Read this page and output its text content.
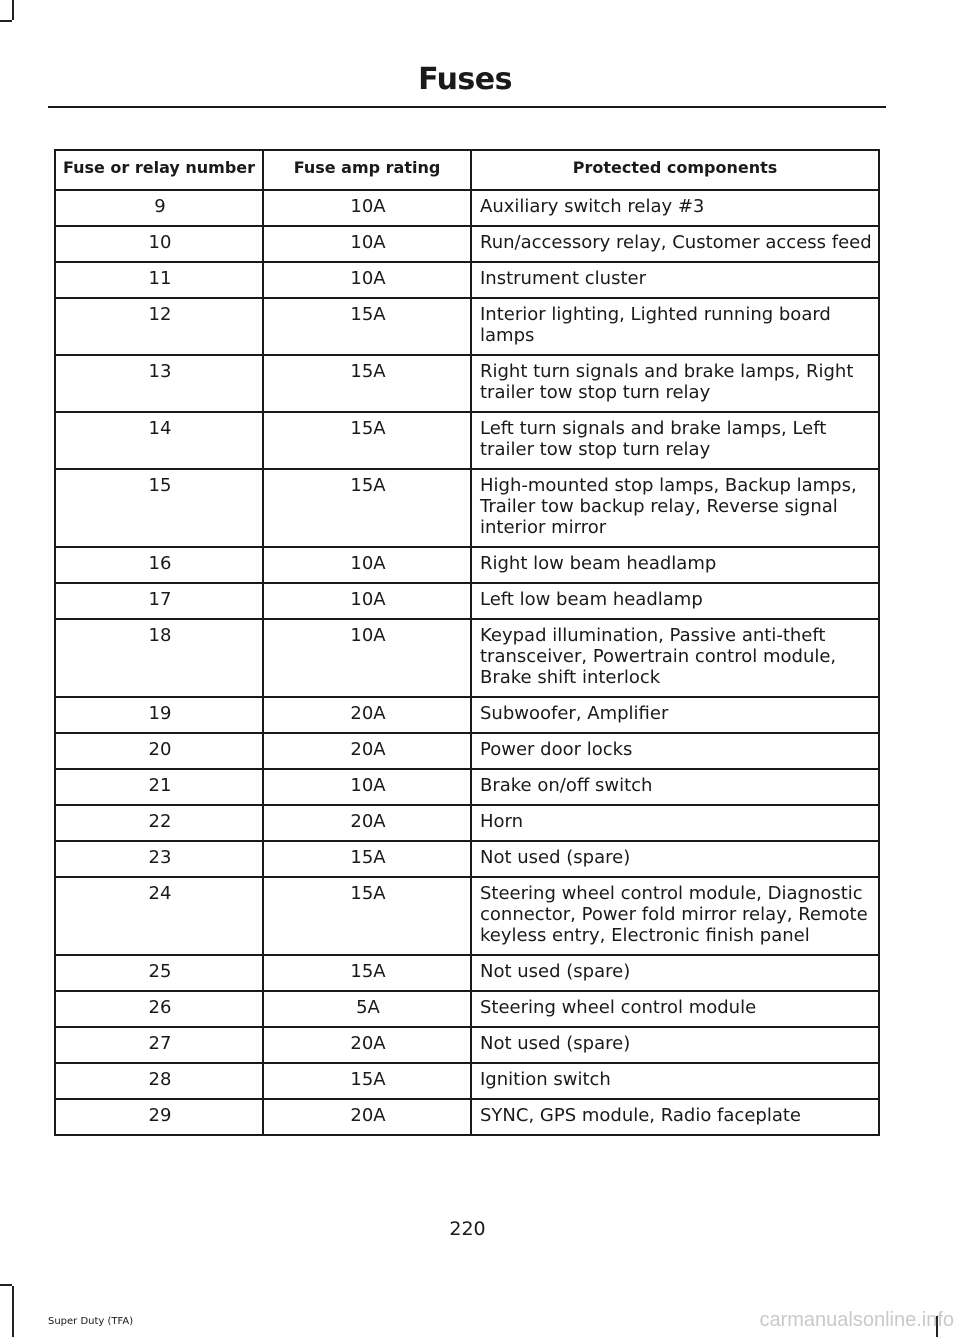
Fuses
Fuse or relay number	Fuse amp rating	Protected components
9	10A	Auxiliary switch relay #3
10	10A	Run/accessory relay, Customer access feed
11	10A	Instrument cluster
12	15A	Interior lighting, Lighted running board lamps
13	15A	Right turn signals and brake lamps, Right trailer tow stop turn relay
14	15A	Left turn signals and brake lamps, Left trailer tow stop turn relay
15	15A	High-mounted stop lamps, Backup lamps, Trailer tow backup relay, Reverse signal interior mirror
16	10A	Right low beam headlamp
17	10A	Left low beam headlamp
18	10A	Keypad illumination, Passive anti-theft transceiver, Powertrain control module, Brake shift interlock
19	20A	Subwoofer, Amplifier
20	20A	Power door locks
21	10A	Brake on/off switch
22	20A	Horn
23	15A	Not used (spare)
24	15A	Steering wheel control module, Diagnostic connector, Power fold mirror relay, Remote keyless entry, Electronic finish panel
25	15A	Not used (spare)
26	5A	Steering wheel control module
27	20A	Not used (spare)
28	15A	Ignition switch
29	20A	SYNC, GPS module, Radio faceplate
220
Super Duty (TFA)	carmanualsonline.info
